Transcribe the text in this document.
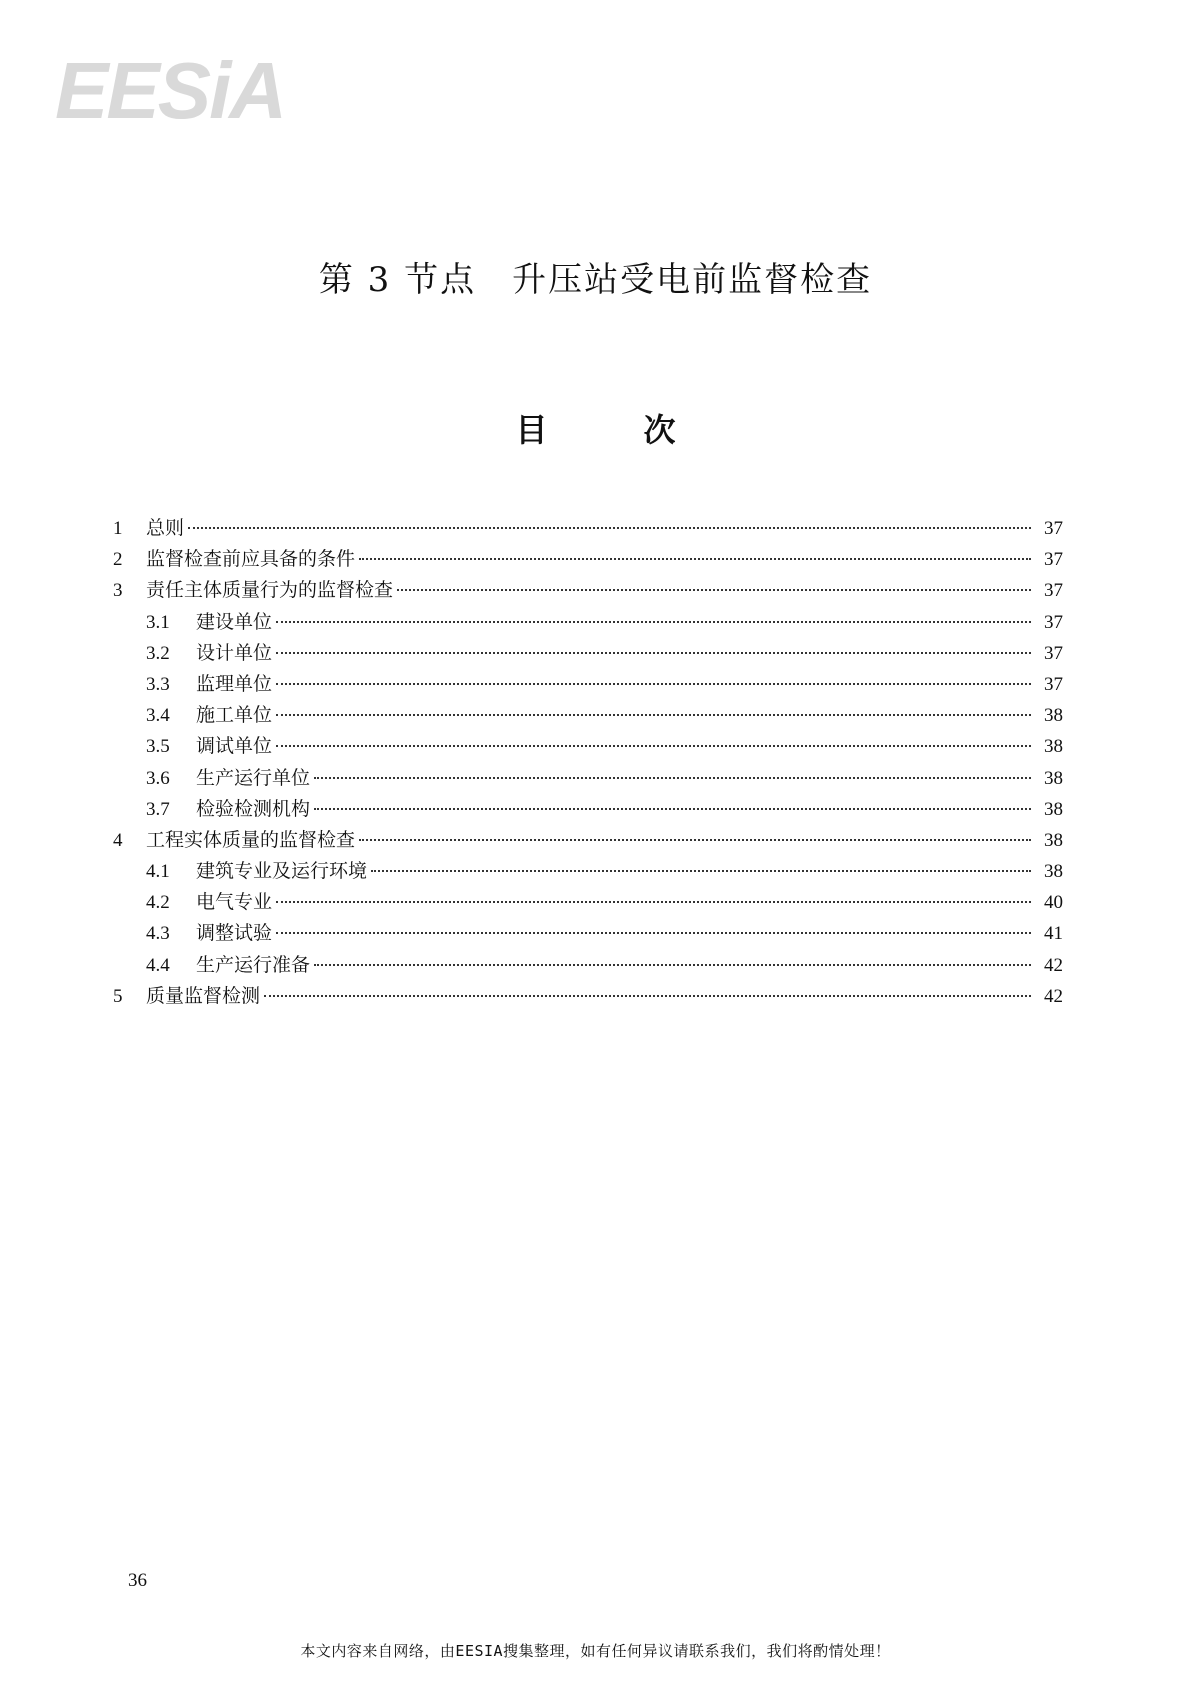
EESiA
第 3 节点 升压站受电前监督检查
目次
1	总则	37
2	监督检查前应具备的条件	37
3	责任主体质量行为的监督检查	37
3.1	建设单位	37
3.2	设计单位	37
3.3	监理单位	37
3.4	施工单位	38
3.5	调试单位	38
3.6	生产运行单位	38
3.7	检验检测机构	38
4	工程实体质量的监督检查	38
4.1	建筑专业及运行环境	38
4.2	电气专业	40
4.3	调整试验	41
4.4	生产运行准备	42
5	质量监督检测	42
36
本文内容来自网络，由EESIA搜集整理，如有任何异议请联系我们，我们将酌情处理！
